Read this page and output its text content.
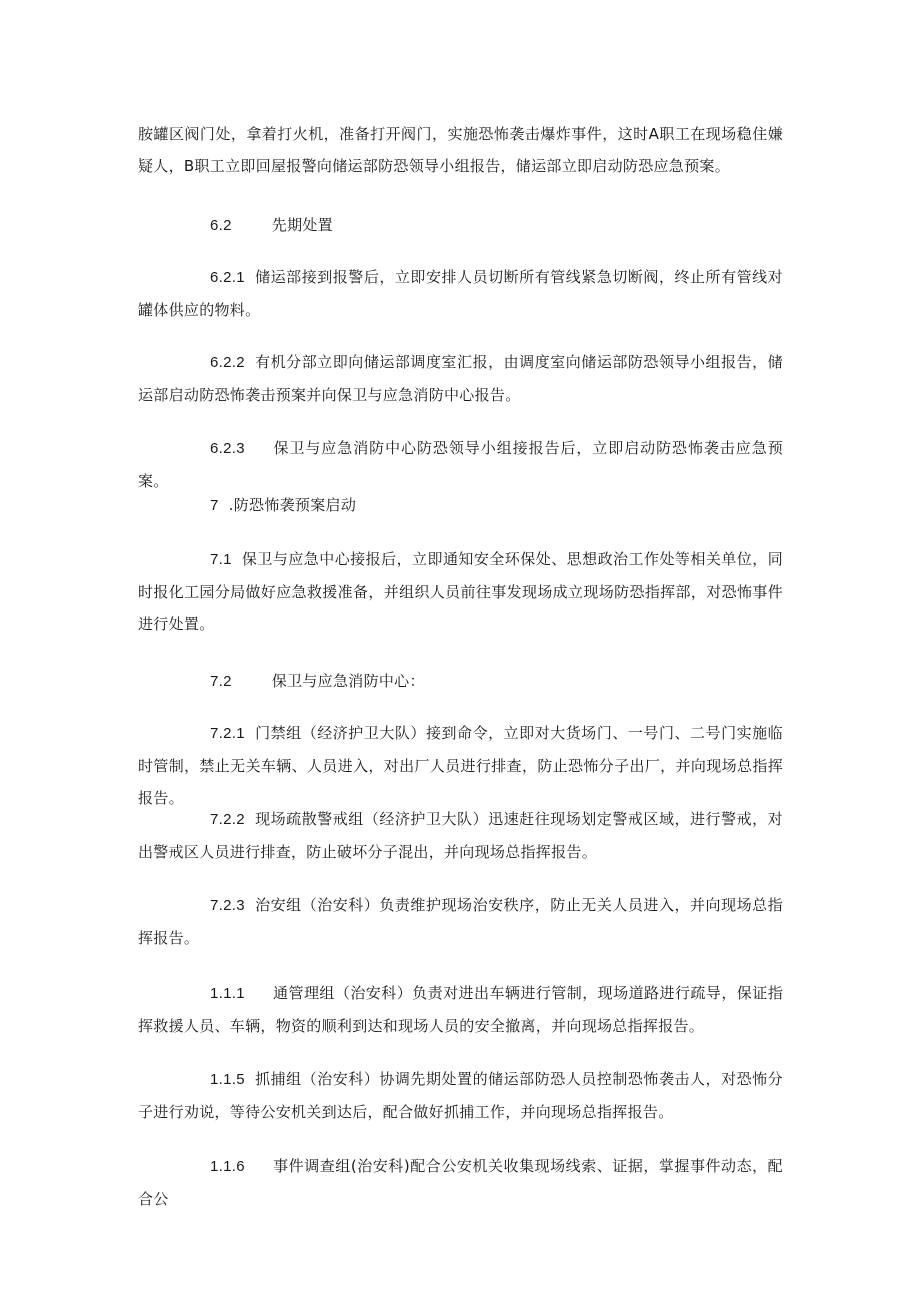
胺罐区阀门处，拿着打火机，准备打开阀门，实施恐怖袭击爆炸事件，这时A职工在现场稳住嫌疑人，B职工立即回屋报警向储运部防恐领导小组报告，储运部立即启动防恐应急预案。

6.2	先期处置

6.2.1 储运部接到报警后，立即安排人员切断所有管线紧急切断阀，终止所有管线对罐体供应的物料。

6.2.2 有机分部立即向储运部调度室汇报，由调度室向储运部防恐领导小组报告，储运部启动防恐怖袭击预案并向保卫与应急消防中心报告。

6.2.3 保卫与应急消防中心防恐领导小组接报告后，立即启动防恐怖袭击应急预案。

7 .防恐怖袭预案启动

7.1 保卫与应急中心接报后，立即通知安全环保处、思想政治工作处等相关单位，同时报化工园分局做好应急救援准备，并组织人员前往事发现场成立现场防恐指挥部，对恐怖事件进行处置。

7.2	保卫与应急消防中心：

7.2.1 门禁组（经济护卫大队）接到命令，立即对大货场门、一号门、二号门实施临时管制，禁止无关车辆、人员进入，对出厂人员进行排查，防止恐怖分子出厂，并向现场总指挥报告。

7.2.2 现场疏散警戒组（经济护卫大队）迅速赶往现场划定警戒区域，进行警戒，对出警戒区人员进行排查，防止破坏分子混出，并向现场总指挥报告。

7.2.3 治安组（治安科）负责维护现场治安秩序，防止无关人员进入，并向现场总指挥报告。

1.1.1 通管理组（治安科）负责对进出车辆进行管制，现场道路进行疏导，保证指挥救援人员、车辆，物资的顺利到达和现场人员的安全撤离，并向现场总指挥报告。

1.1.5 抓捕组（治安科）协调先期处置的储运部防恐人员控制恐怖袭击人，对恐怖分子进行劝说，等待公安机关到达后，配合做好抓捕工作，并向现场总指挥报告。

1.1.6 事件调查组(治安科)配合公安机关收集现场线索、证据，掌握事件动态，配合公
